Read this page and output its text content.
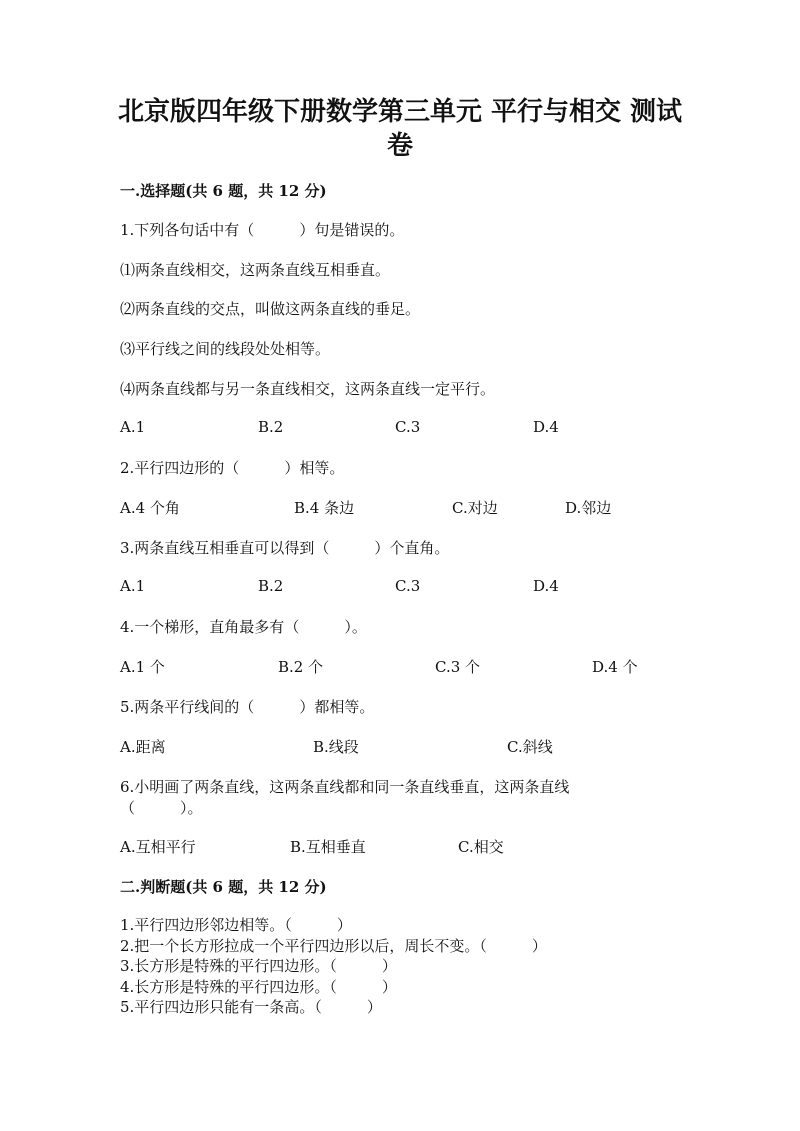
北京版四年级下册数学第三单元 平行与相交 测试
卷
一.选择题(共 6 题，共 12 分)
1.下列各句话中有（　　　）句是错误的。
⑴两条直线相交，这两条直线互相垂直。
⑵两条直线的交点，叫做这两条直线的垂足。
⑶平行线之间的线段处处相等。
⑷两条直线都与另一条直线相交，这两条直线一定平行。
A.1	B.2	C.3	D.4
2.平行四边形的（　　　）相等。
A.4 个角	B.4 条边	C.对边	D.邻边
3.两条直线互相垂直可以得到（　　　）个直角。
A.1	B.2	C.3	D.4
4.一个梯形，直角最多有（　　　）。
A.1 个	B.2 个	C.3 个	D.4 个
5.两条平行线间的（　　　）都相等。
A.距离	B.线段	C.斜线
6.小明画了两条直线，这两条直线都和同一条直线垂直，这两条直线
（　　　）。
A.互相平行	B.互相垂直	C.相交
二.判断题(共 6 题，共 12 分)
1.平行四边形邻边相等。（　　　）
2.把一个长方形拉成一个平行四边形以后，周长不变。（　　　）
3.长方形是特殊的平行四边形。（　　　）
4.长方形是特殊的平行四边形。（　　　）
5.平行四边形只能有一条高。（　　　）
